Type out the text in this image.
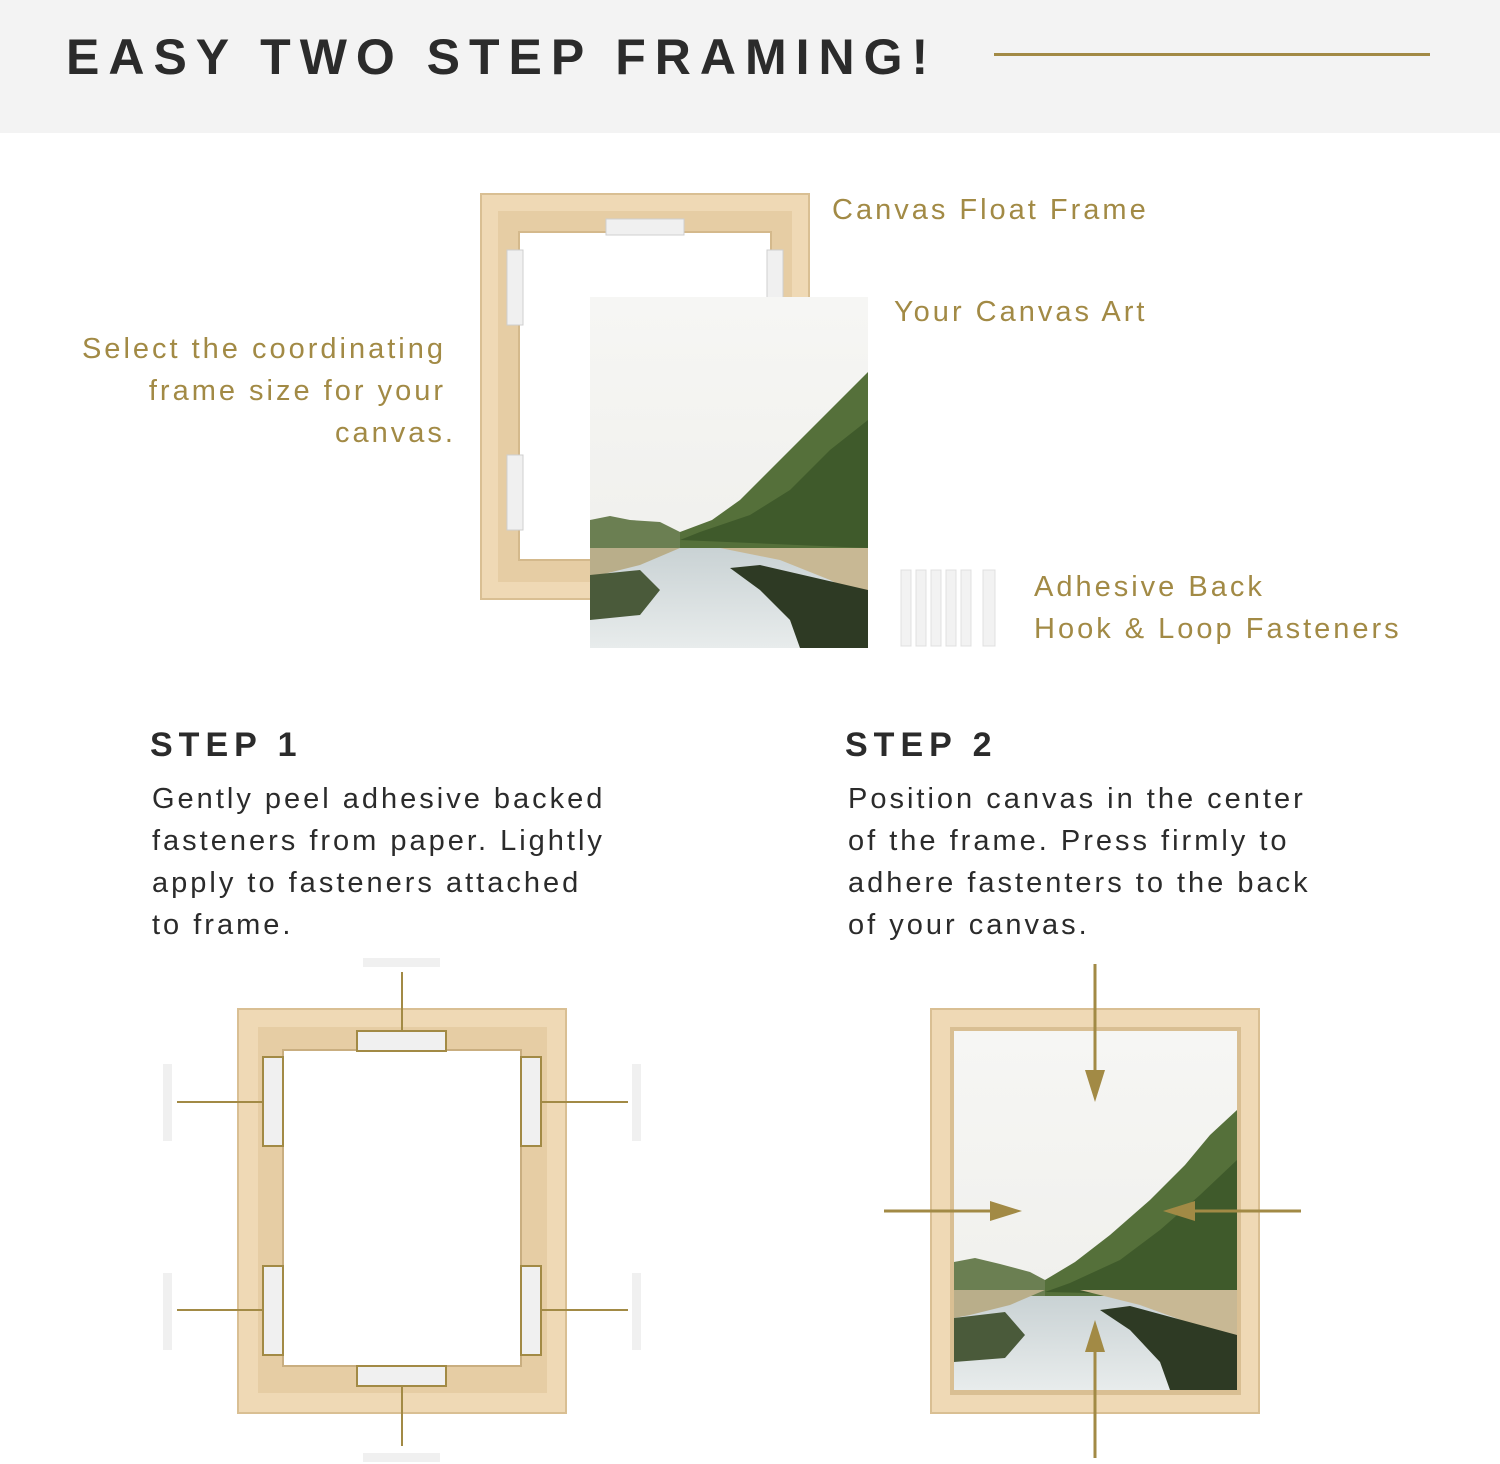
EASY TWO STEP FRAMING!
Canvas Float Frame
Your Canvas Art
Adhesive Back
Hook & Loop Fasteners
Select the coordinating
frame size for your
canvas.
STEP 1
Gently peel adhesive backed
fasteners from paper. Lightly
apply to fasteners attached
to frame.
STEP 2
Position canvas in the center
of the frame. Press firmly to
adhere fastenters to the back
of your canvas.
